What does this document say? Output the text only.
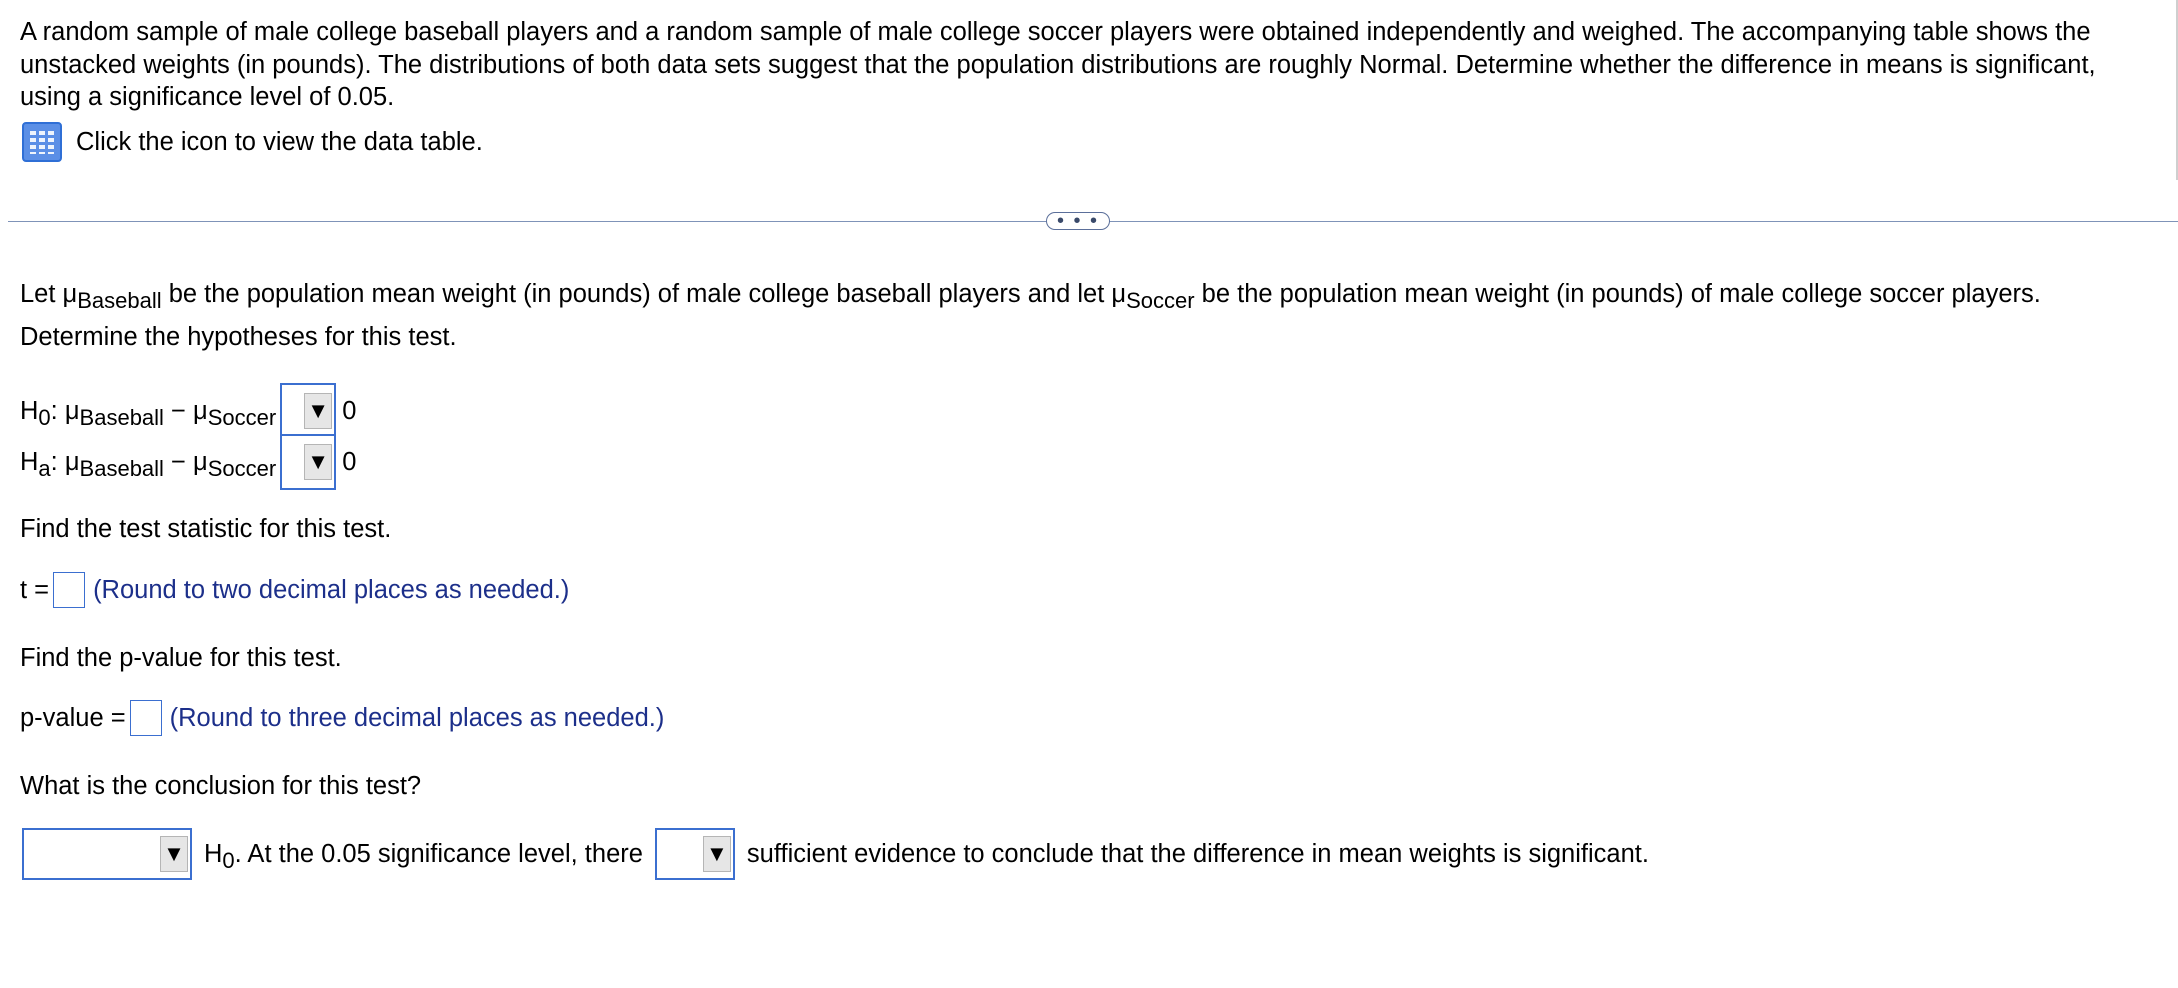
A random sample of male college baseball players and a random sample of male college soccer players were obtained independently and weighed. The accompanying table shows the unstacked weights (in pounds). The distributions of both data sets suggest that the population distributions are roughly Normal. Determine whether the difference in means is significant, using a significance level of 0.05.
Click the icon to view the data table.
• • •
Let $\mu_{Baseball}$ be the population mean weight (in pounds) of male college baseball players and let $\mu_{Soccer}$ be the population mean weight (in pounds) of male college soccer players.
Determine the hypotheses for this test.
$H_0$: $\mu_{Baseball} - \mu_{Soccer}$ ▼ 0
$H_a$: $\mu_{Baseball} - \mu_{Soccer}$ ▼ 0
Find the test statistic for this test.
t = (Round to two decimal places as needed.)
Find the p-value for this test.
p-value = (Round to three decimal places as needed.)
What is the conclusion for this test?
▼ $H_0$. At the 0.05 significance level, there	▼ sufficient evidence to conclude that the difference in mean weights is significant.
